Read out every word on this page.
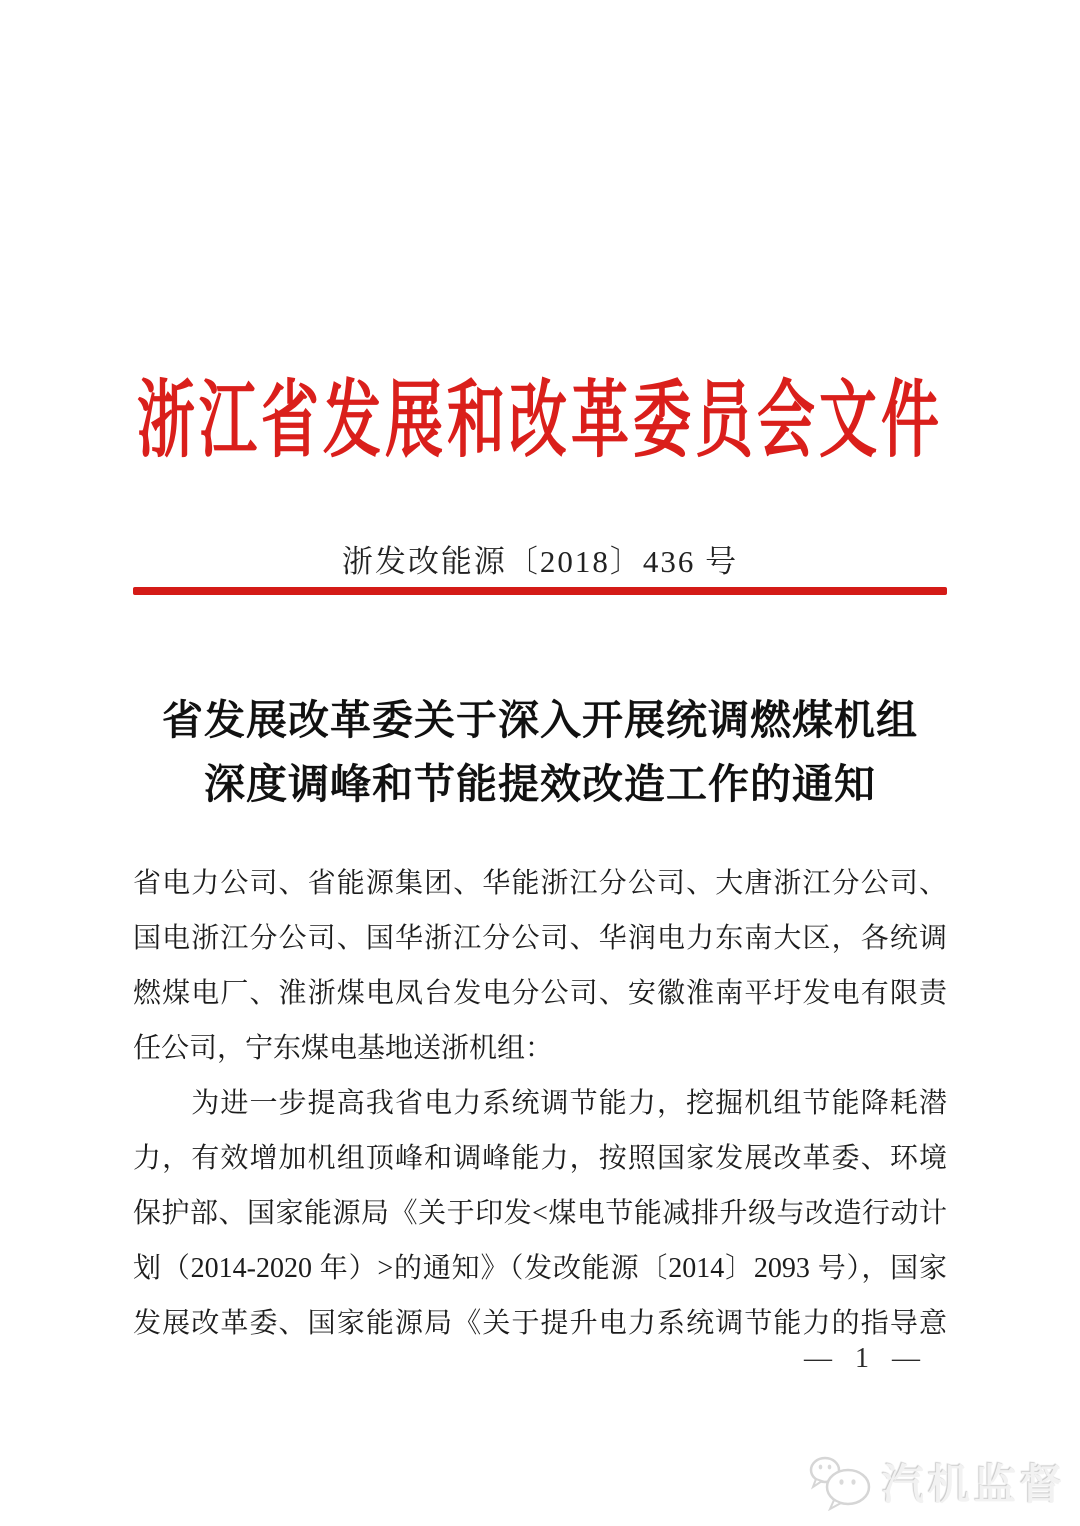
浙江省发展和改革委员会文件
浙发改能源〔2018〕436 号
省发展改革委关于深入开展统调燃煤机组
深度调峰和节能提效改造工作的通知
省电力公司、省能源集团、华能浙江分公司、大唐浙江分公司、
国电浙江分公司、国华浙江分公司、华润电力东南大区，各统调
燃煤电厂、淮浙煤电凤台发电分公司、安徽淮南平圩发电有限责
任公司，宁东煤电基地送浙机组：
　　为进一步提高我省电力系统调节能力，挖掘机组节能降耗潜
力，有效增加机组顶峰和调峰能力，按照国家发展改革委、环境
保护部、国家能源局《关于印发<煤电节能减排升级与改造行动计
划（2014-2020 年）>的通知》（发改能源〔2014〕2093 号），国家
发展改革委、国家能源局《关于提升电力系统调节能力的指导意
— 1 —
汽机监督
